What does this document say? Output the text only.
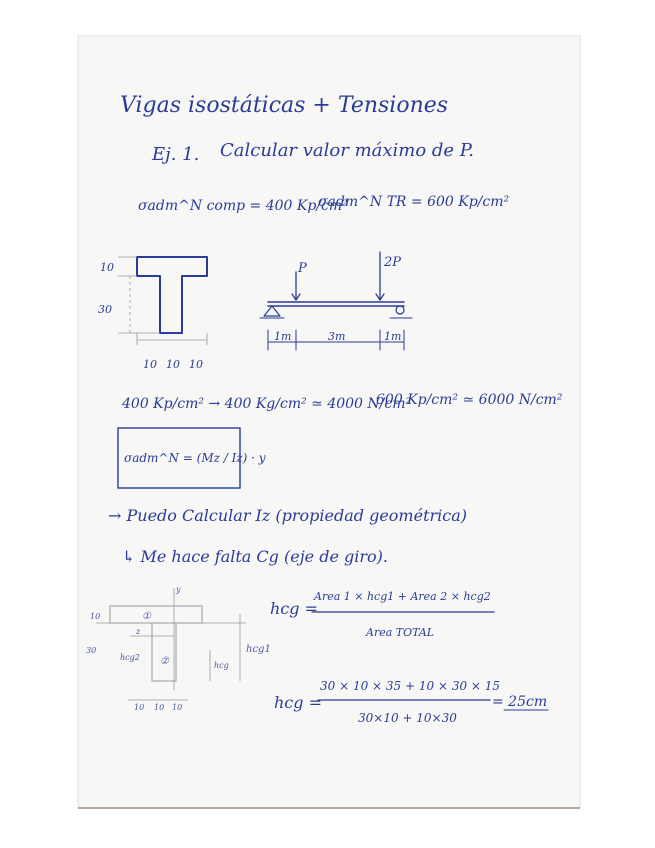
Vigas isostáticas + Tensiones
Ej. 1. Calcular valor máximo de P.
σadm^N comp = 400 Kp/cm²
σadm^N TR = 600 Kp/cm²
10
30
10 10 10
P	2P
1m	3m	1m
400 Kp/cm² → 400 Kg/cm² ≃ 4000 N/cm²
600 Kp/cm² ≃ 6000 N/cm²
σadm^N = (Mz / Iz) · y
→ Puedo Calcular Iz (propiedad geométrica)
↳ Me hace falta Cg (eje de giro).
10
30
①
②
z
y
hcg2
hcg
hcg1
10 10 10
hcg =
Area 1 × hcg1 + Area 2 × hcg2
Area TOTAL
hcg =
30 × 10 × 35 + 10 × 30 × 15
30×10 + 10×30
= 25cm
